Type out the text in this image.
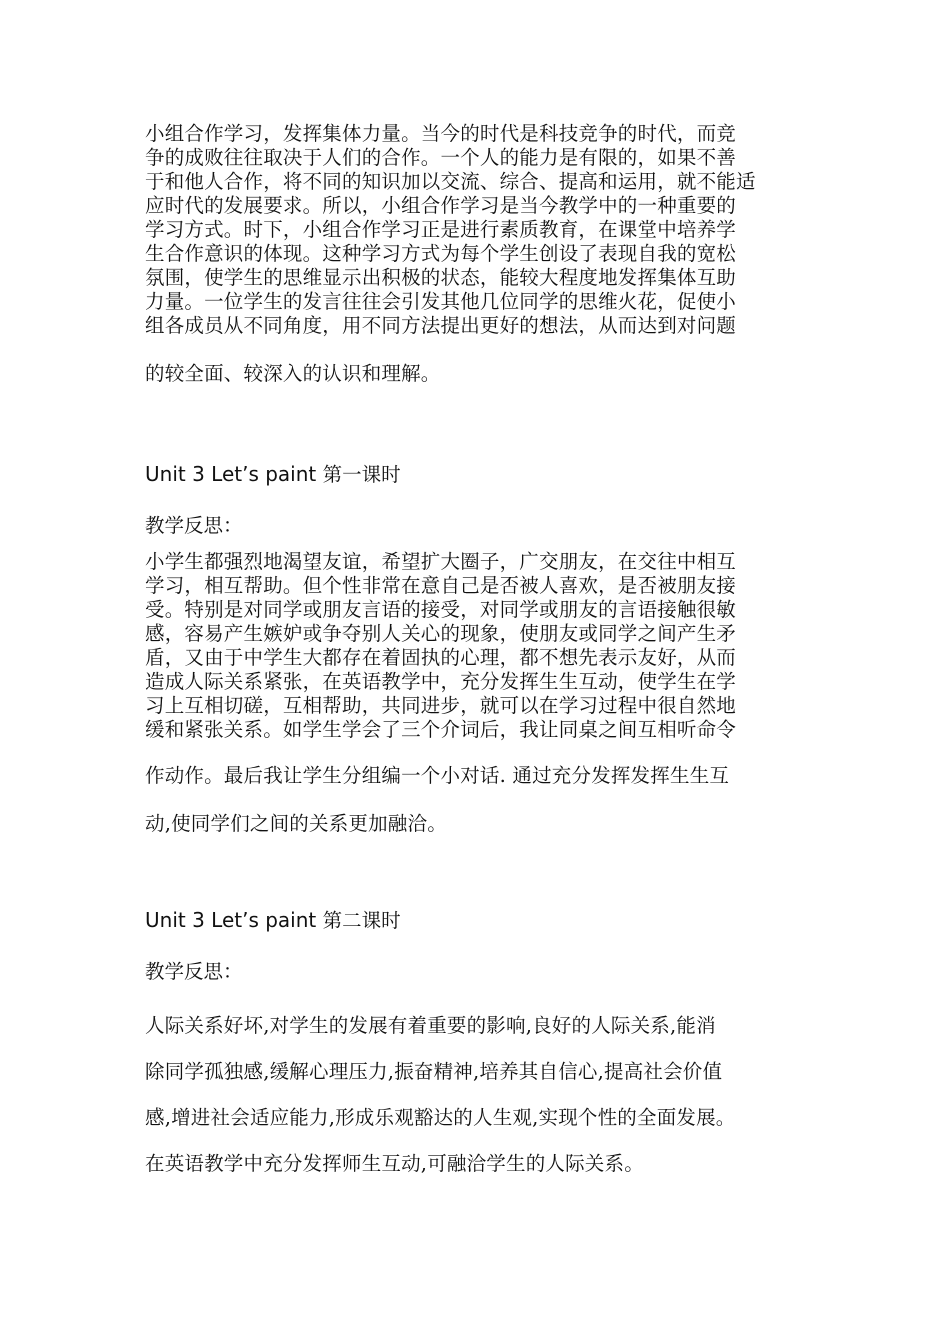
小组合作学习，发挥集体力量。当今的时代是科技竞争的时代，而竞

争的成败往往取决于人们的合作。一个人的能力是有限的，如果不善

于和他人合作，将不同的知识加以交流、综合、提高和运用，就不能适

应时代的发展要求。所以，小组合作学习是当今教学中的一种重要的

学习方式。时下，小组合作学习正是进行素质教育，在课堂中培养学

生合作意识的体现。这种学习方式为每个学生创设了表现自我的宽松

氛围，使学生的思维显示出积极的状态，能较大程度地发挥集体互助

力量。一位学生的发言往往会引发其他几位同学的思维火花，促使小

组各成员从不同角度，用不同方法提出更好的想法，从而达到对问题

的较全面、较深入的认识和理解。

Unit 3 Let’s paint 第一课时

教学反思：

小学生都强烈地渴望友谊，希望扩大圈子，广交朋友，在交往中相互

学习，相互帮助。但个性非常在意自己是否被人喜欢，是否被朋友接

受。特别是对同学或朋友言语的接受，对同学或朋友的言语接触很敏

感，容易产生嫉妒或争夺别人关心的现象，使朋友或同学之间产生矛

盾，又由于中学生大都存在着固执的心理，都不想先表示友好，从而

造成人际关系紧张，在英语教学中，充分发挥生生互动，使学生在学

习上互相切磋，互相帮助，共同进步，就可以在学习过程中很自然地

缓和紧张关系。如学生学会了三个介词后，我让同桌之间互相听命令

作动作。最后我让学生分组编一个小对话. 通过充分发挥发挥生生互

动,使同学们之间的关系更加融洽。

Unit 3 Let’s paint 第二课时

教学反思：

人际关系好坏,对学生的发展有着重要的影响,良好的人际关系,能消

除同学孤独感,缓解心理压力,振奋精神,培养其自信心,提高社会价值

感,增进社会适应能力,形成乐观豁达的人生观,实现个性的全面发展。

在英语教学中充分发挥师生互动,可融洽学生的人际关系。
